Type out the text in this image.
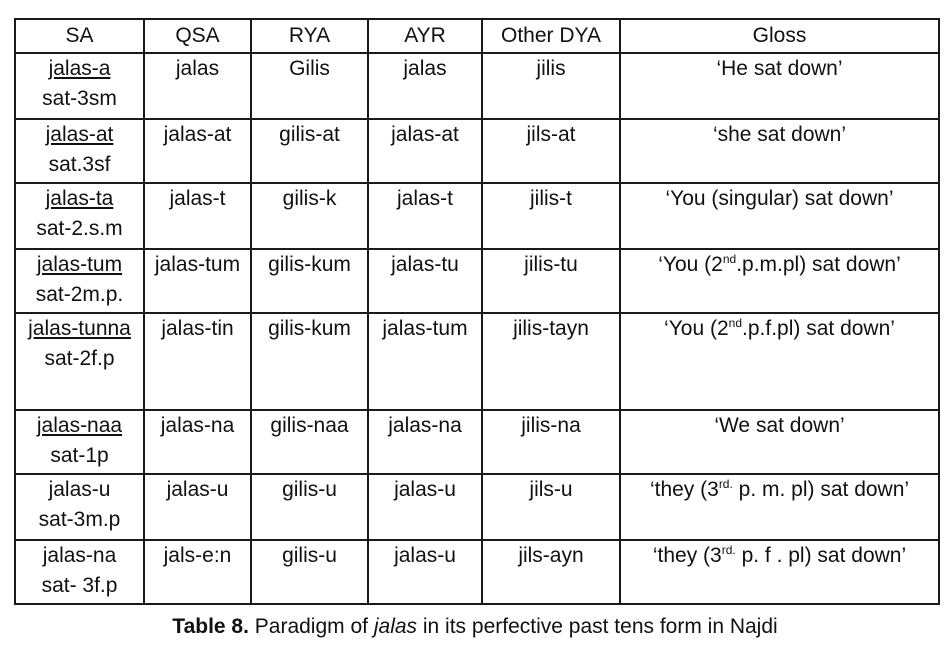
SA	QSA	RYA	AYR	Other DYA	Gloss

jalas-a
sat-3sm	jalas	Gilis	jalas	jilis	‘He sat down’

jalas-at
sat.3sf	jalas-at	gilis-at	jalas-at	jils-at	‘she sat down’

jalas-ta
sat-2.s.m	jalas-t	gilis-k	jalas-t	jilis-t	‘You (singular) sat down’

jalas-tum
sat-2m.p.	jalas-tum	gilis-kum	jalas-tu	jilis-tu	‘You (2nd.p.m.pl) sat down’

jalas-tunna
sat-2f.p	jalas-tin	gilis-kum	jalas-tum	jilis-tayn	‘You (2nd.p.f.pl) sat down’

jalas-naa
sat-1p	jalas-na	gilis-naa	jalas-na	jilis-na	‘We sat down’

jalas-u
sat-3m.p	jalas-u	gilis-u	jalas-u	jils-u	‘they ($3^{rd.}$ p. m. pl) sat down’

jalas-na
sat- 3f.p	jals-e:n	gilis-u	jalas-u	jils-ayn	‘they ($3^{rd.}$ p. f . pl) sat down’
Table 8. Paradigm of jalas in its perfective past tens form in Najdi
